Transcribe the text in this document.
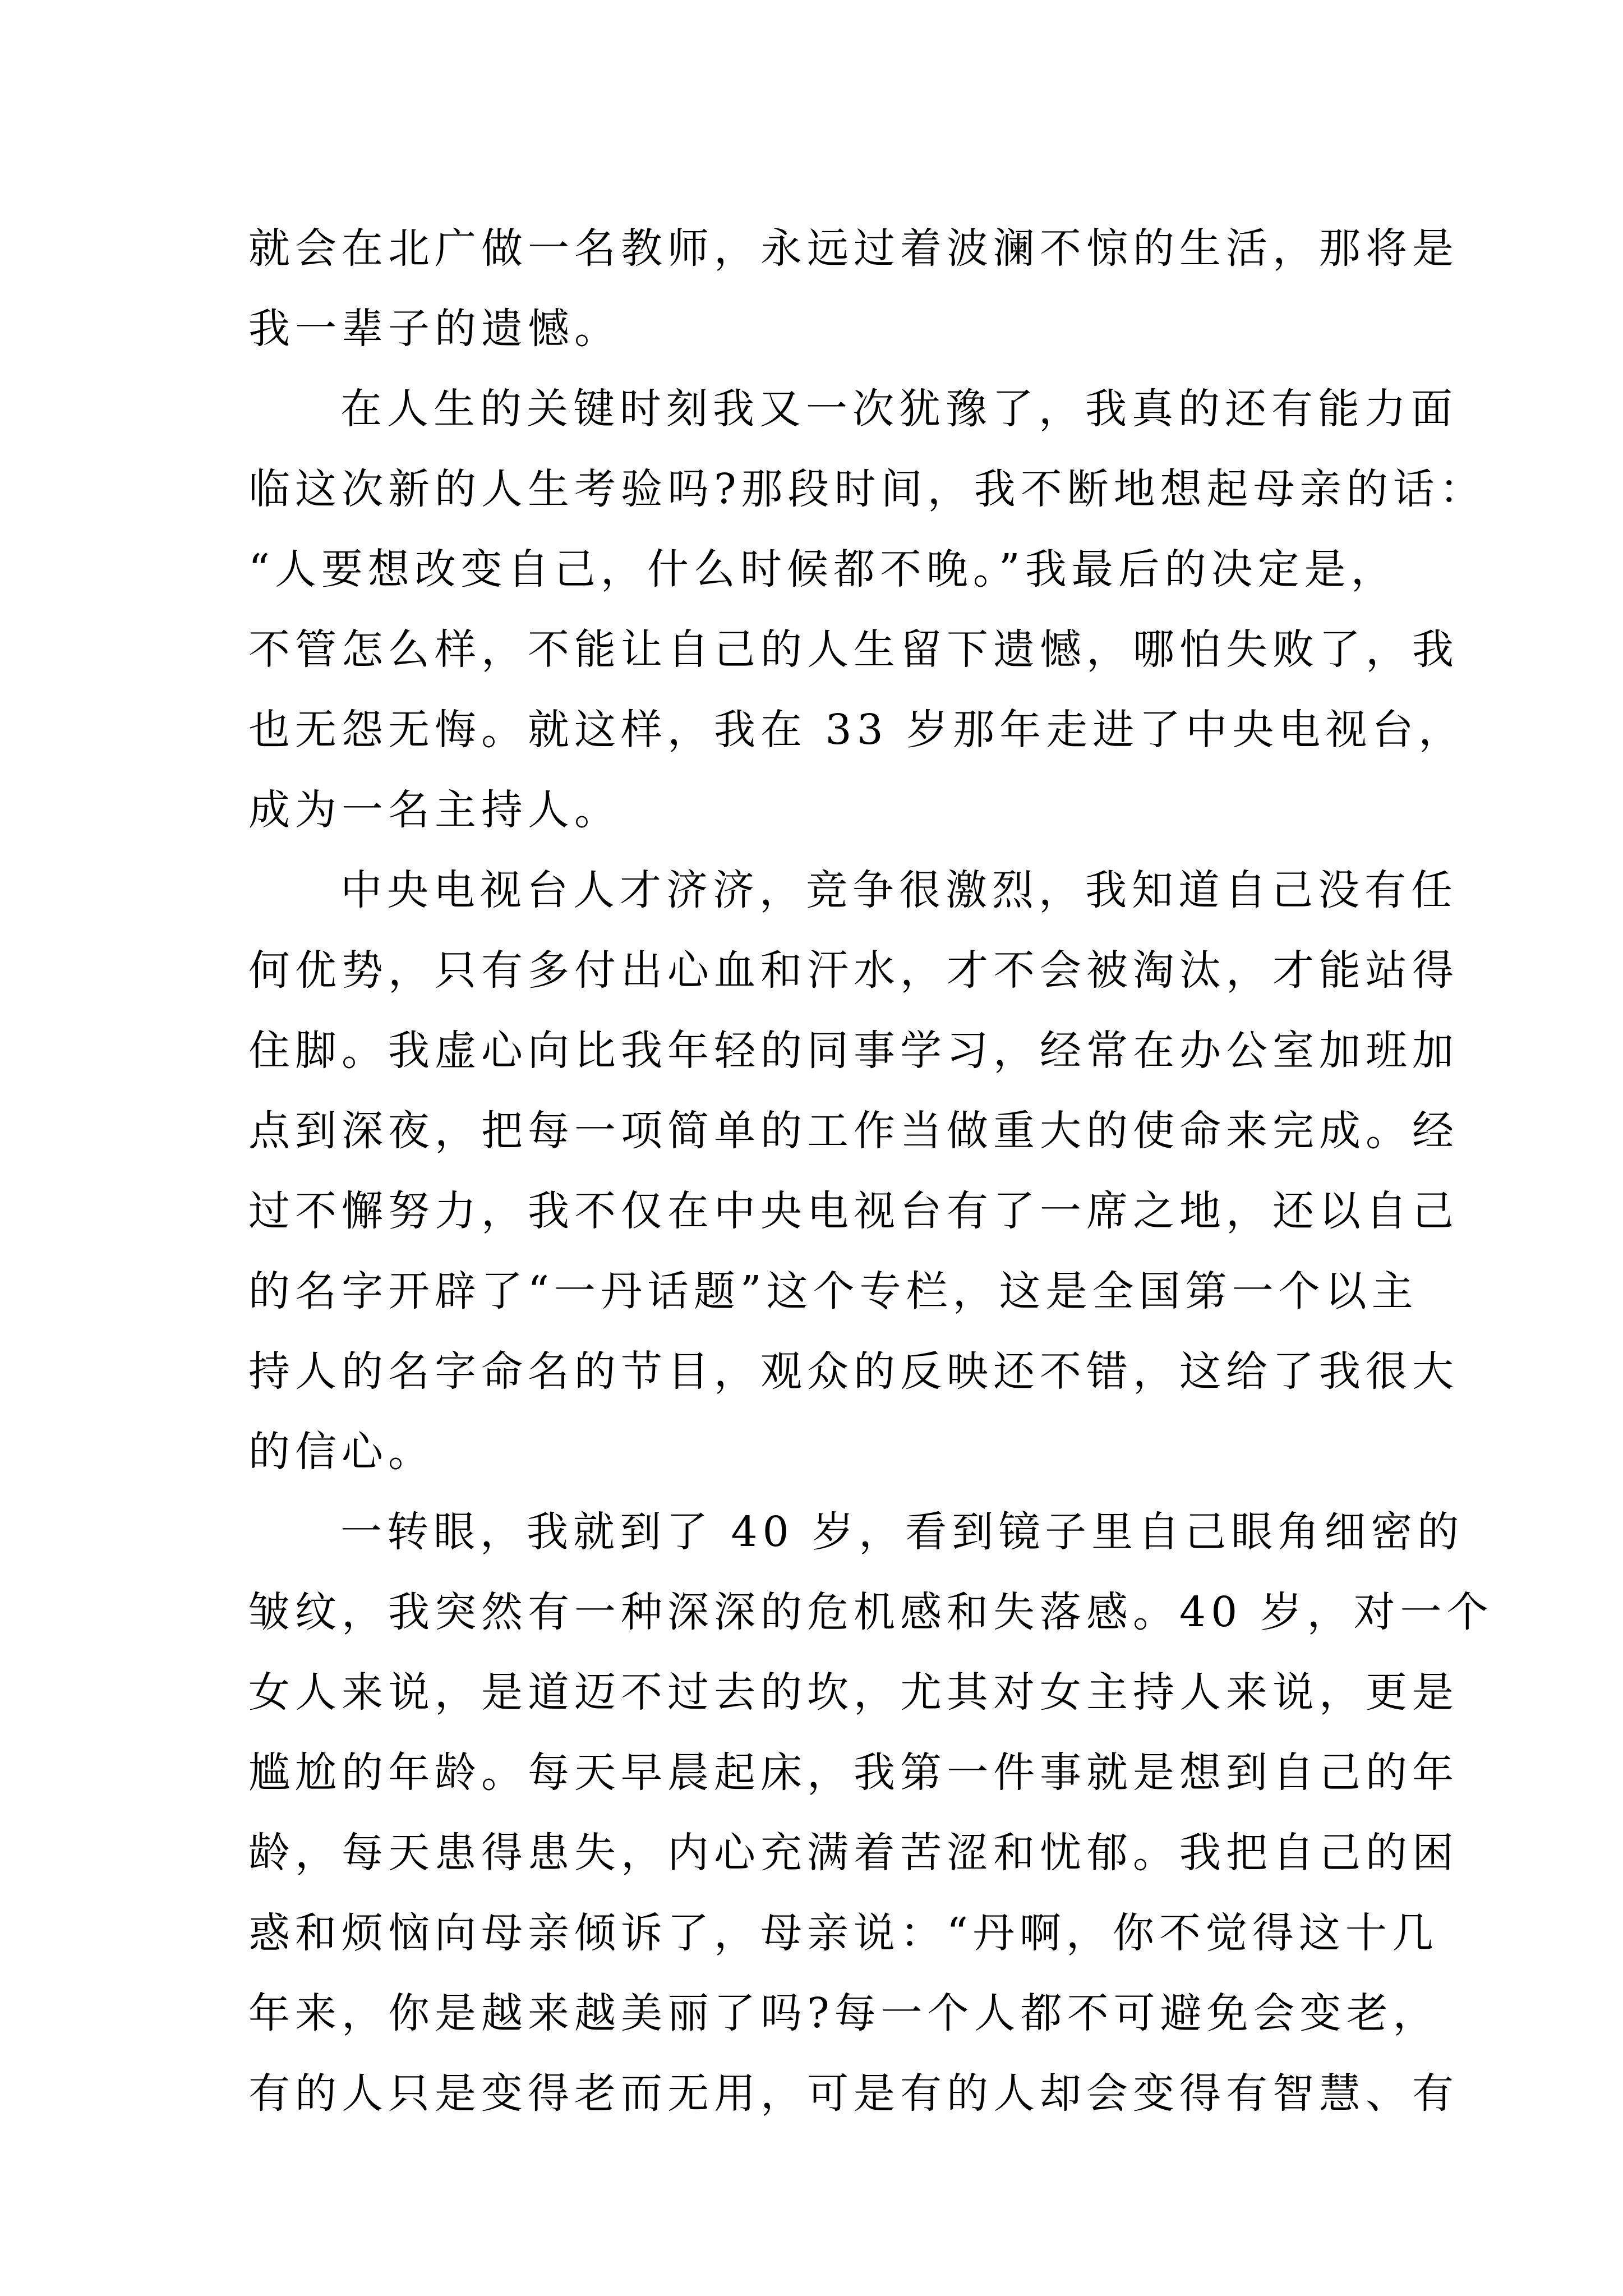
就会在北广做一名教师，永远过着波澜不惊的生活，那将是
我一辈子的遗憾。
在人生的关键时刻我又一次犹豫了，我真的还有能力面
临这次新的人生考验吗?那段时间，我不断地想起母亲的话：
“人要想改变自己，什么时候都不晚。”我最后的决定是，
不管怎么样，不能让自己的人生留下遗憾，哪怕失败了，我
也无怨无悔。就这样，我在 33 岁那年走进了中央电视台，
成为一名主持人。
中央电视台人才济济，竞争很激烈，我知道自己没有任
何优势，只有多付出心血和汗水，才不会被淘汰，才能站得
住脚。我虚心向比我年轻的同事学习，经常在办公室加班加
点到深夜，把每一项简单的工作当做重大的使命来完成。经
过不懈努力，我不仅在中央电视台有了一席之地，还以自己
的名字开辟了“一丹话题”这个专栏，这是全国第一个以主
持人的名字命名的节目，观众的反映还不错，这给了我很大
的信心。
一转眼，我就到了 40 岁，看到镜子里自己眼角细密的
皱纹，我突然有一种深深的危机感和失落感。40 岁，对一个
女人来说，是道迈不过去的坎，尤其对女主持人来说，更是
尴尬的年龄。每天早晨起床，我第一件事就是想到自己的年
龄，每天患得患失，内心充满着苦涩和忧郁。我把自己的困
惑和烦恼向母亲倾诉了，母亲说：“丹啊，你不觉得这十几
年来，你是越来越美丽了吗?每一个人都不可避免会变老，
有的人只是变得老而无用，可是有的人却会变得有智慧、有
